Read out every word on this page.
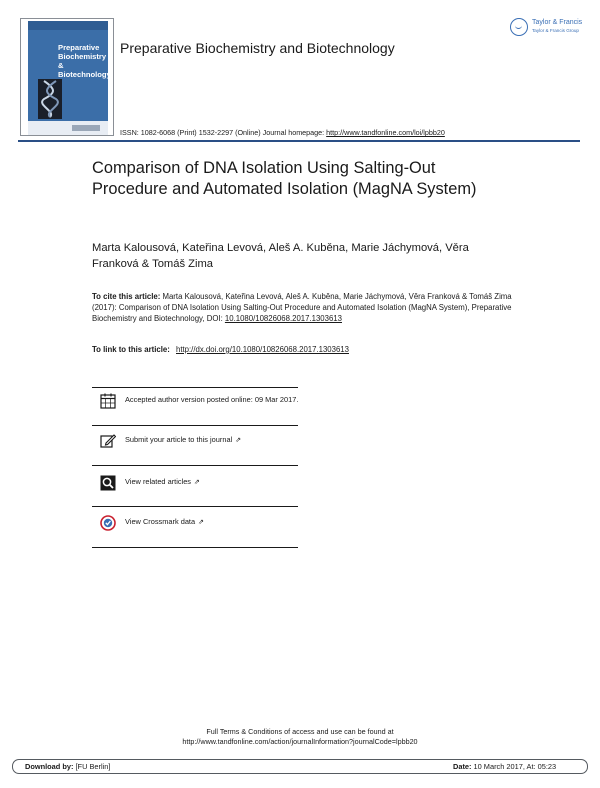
Preparative Biochemistry & Biotechnology
Preparative Biochemistry and Biotechnology
Taylor & Francis
Taylor & Francis Group
ISSN: 1082-6068 (Print) 1532-2297 (Online) Journal homepage: http://www.tandfonline.com/loi/lpbb20
Comparison of DNA Isolation Using Salting-Out Procedure and Automated Isolation (MagNA System)
Marta Kalousová, Kateřina Levová, Aleš A. Kuběna, Marie Jáchymová, Věra Franková & Tomáš Zima
To cite this article: Marta Kalousová, Kateřina Levová, Aleš A. Kuběna, Marie Jáchymová, Věra Franková & Tomáš Zima (2017): Comparison of DNA Isolation Using Salting-Out Procedure and Automated Isolation (MagNA System), Preparative Biochemistry and Biotechnology, DOI: 10.1080/10826068.2017.1303613
To link to this article: http://dx.doi.org/10.1080/10826068.2017.1303613
Accepted author version posted online: 09 Mar 2017.
Submit your article to this journal ⇗
View related articles ⇗
View Crossmark data ⇗
Full Terms & Conditions of access and use can be found at
http://www.tandfonline.com/action/journalInformation?journalCode=lpbb20
Download by: [FU Berlin]	Date: 10 March 2017, At: 05:23
